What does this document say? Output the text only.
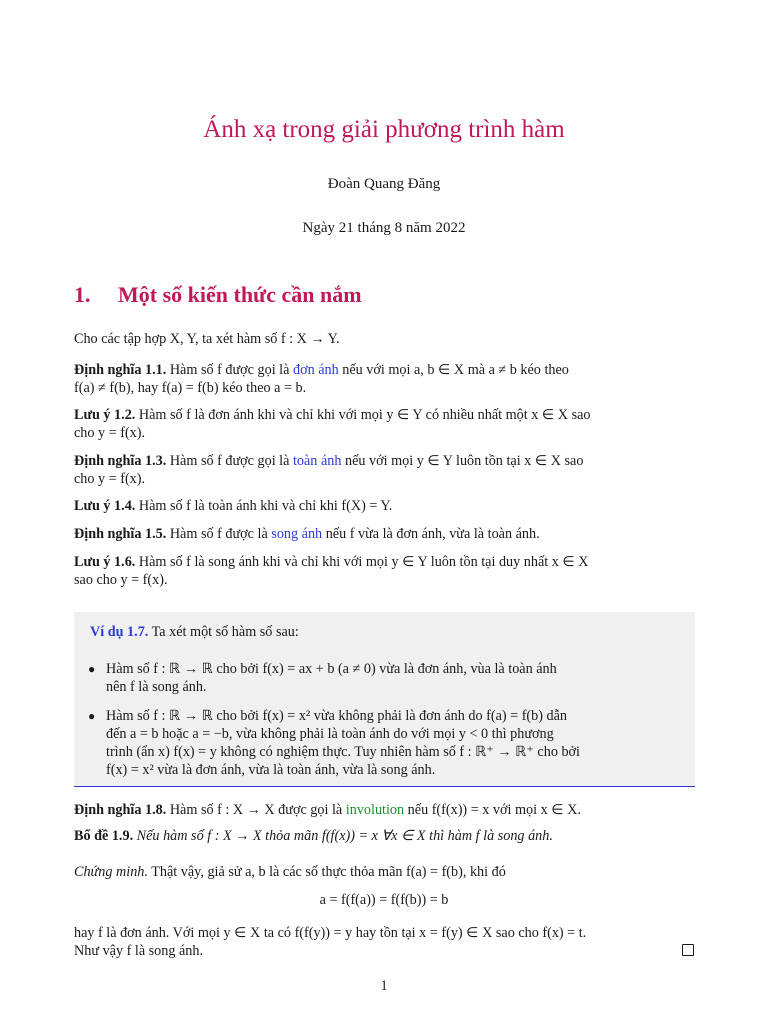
Ánh xạ trong giải phương trình hàm
Đoàn Quang Đăng
Ngày 21 tháng 8 năm 2022
1. Một số kiến thức cần nắm
Cho các tập hợp X, Y, ta xét hàm số f : X → Y.
Định nghĩa 1.1. Hàm số f được gọi là đơn ánh nếu với mọi a, b ∈ X mà a ≠ b kéo theo
f(a) ≠ f(b), hay f(a) = f(b) kéo theo a = b.
Lưu ý 1.2. Hàm số f là đơn ánh khi và chỉ khi với mọi y ∈ Y có nhiều nhất một x ∈ X sao
cho y = f(x).
Định nghĩa 1.3. Hàm số f được gọi là toàn ánh nếu với mọi y ∈ Y luôn tồn tại x ∈ X sao
cho y = f(x).
Lưu ý 1.4. Hàm số f là toàn ánh khi và chỉ khi f(X) = Y.
Định nghĩa 1.5. Hàm số f được là song ánh nếu f vừa là đơn ánh, vừa là toàn ánh.
Lưu ý 1.6. Hàm số f là song ánh khi và chỉ khi với mọi y ∈ Y luôn tồn tại duy nhất x ∈ X
sao cho y = f(x).
Ví dụ 1.7. Ta xét một số hàm số sau:
● Hàm số f : ℝ → ℝ cho bởi f(x) = ax + b (a ≠ 0) vừa là đơn ánh, vùa là toàn ánh
nên f là song ánh.
● Hàm số f : ℝ → ℝ cho bởi f(x) = x² vừa không phải là đơn ánh do f(a) = f(b) dẫn
đến a = b hoặc a = −b, vừa không phải là toàn ánh do với mọi y < 0 thì phương
trình (ẩn x) f(x) = y không có nghiệm thực. Tuy nhiên hàm số f : ℝ⁺ → ℝ⁺ cho bởi
f(x) = x² vừa là đơn ánh, vừa là toàn ánh, vừa là song ánh.
Định nghĩa 1.8. Hàm số f : X → X được gọi là involution nếu f(f(x)) = x với mọi x ∈ X.
Bổ đề 1.9. Nếu hàm số f : X → X thỏa mãn f(f(x)) = x ∀x ∈ X thì hàm f là song ánh.
Chứng minh. Thật vậy, giả sử a, b là các số thực thỏa mãn f(a) = f(b), khi đó
a = f(f(a)) = f(f(b)) = b
hay f là đơn ánh. Với mọi y ∈ X ta có f(f(y)) = y hay tồn tại x = f(y) ∈ X sao cho f(x) = t.
Như vậy f là song ánh.
1
